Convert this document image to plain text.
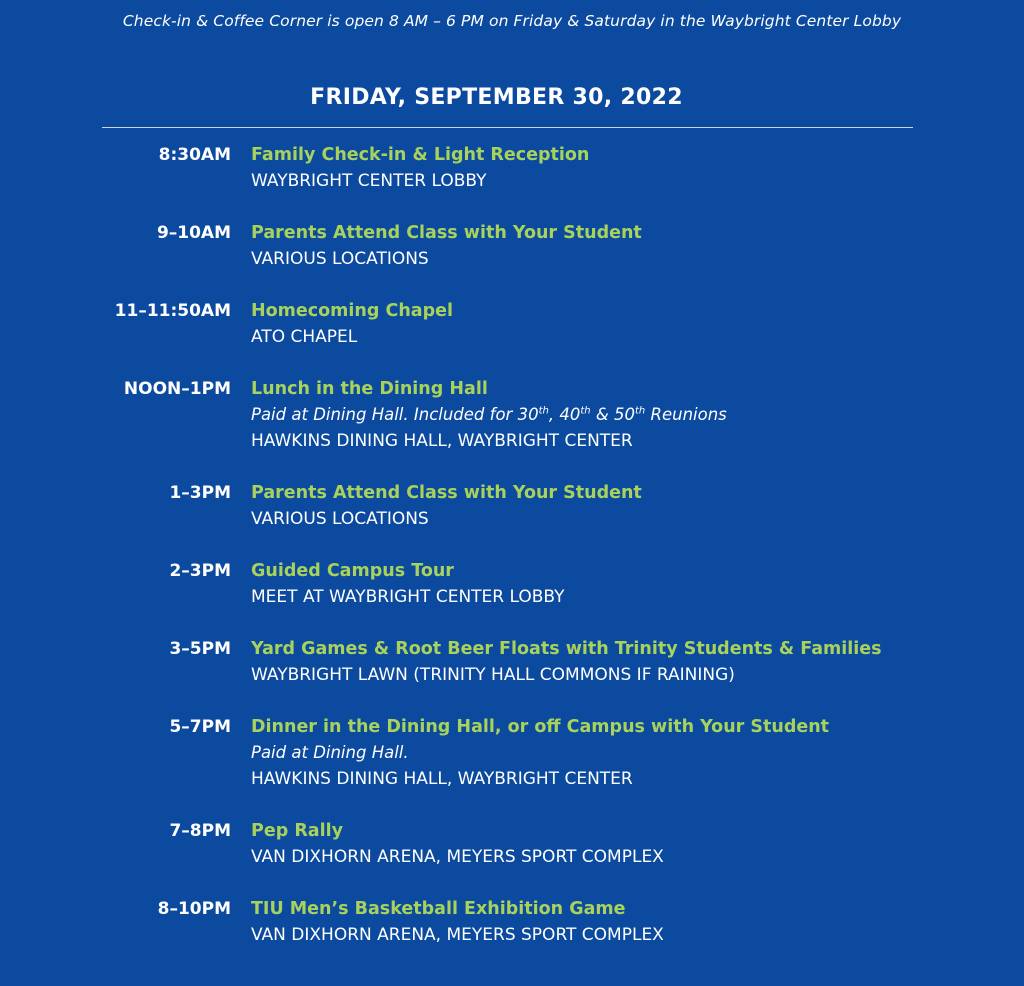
Check-in & Coffee Corner is open 8 AM – 6 PM on Friday & Saturday in the Waybright Center Lobby
FRIDAY, SEPTEMBER 30, 2022
8:30AM Family Check-in & Light Reception
WAYBRIGHT CENTER LOBBY
9–10AM Parents Attend Class with Your Student
VARIOUS LOCATIONS
11–11:50AM Homecoming Chapel
ATO CHAPEL
NOON–1PM Lunch in the Dining Hall
Paid at Dining Hall. Included for 30th, 40th & 50th Reunions
HAWKINS DINING HALL, WAYBRIGHT CENTER
1–3PM Parents Attend Class with Your Student
VARIOUS LOCATIONS
2–3PM Guided Campus Tour
MEET AT WAYBRIGHT CENTER LOBBY
3–5PM Yard Games & Root Beer Floats with Trinity Students & Families
WAYBRIGHT LAWN (TRINITY HALL COMMONS IF RAINING)
5–7PM Dinner in the Dining Hall, or off Campus with Your Student
Paid at Dining Hall.
HAWKINS DINING HALL, WAYBRIGHT CENTER
7–8PM Pep Rally
VAN DIXHORN ARENA, MEYERS SPORT COMPLEX
8–10PM TIU Men’s Basketball Exhibition Game
VAN DIXHORN ARENA, MEYERS SPORT COMPLEX
